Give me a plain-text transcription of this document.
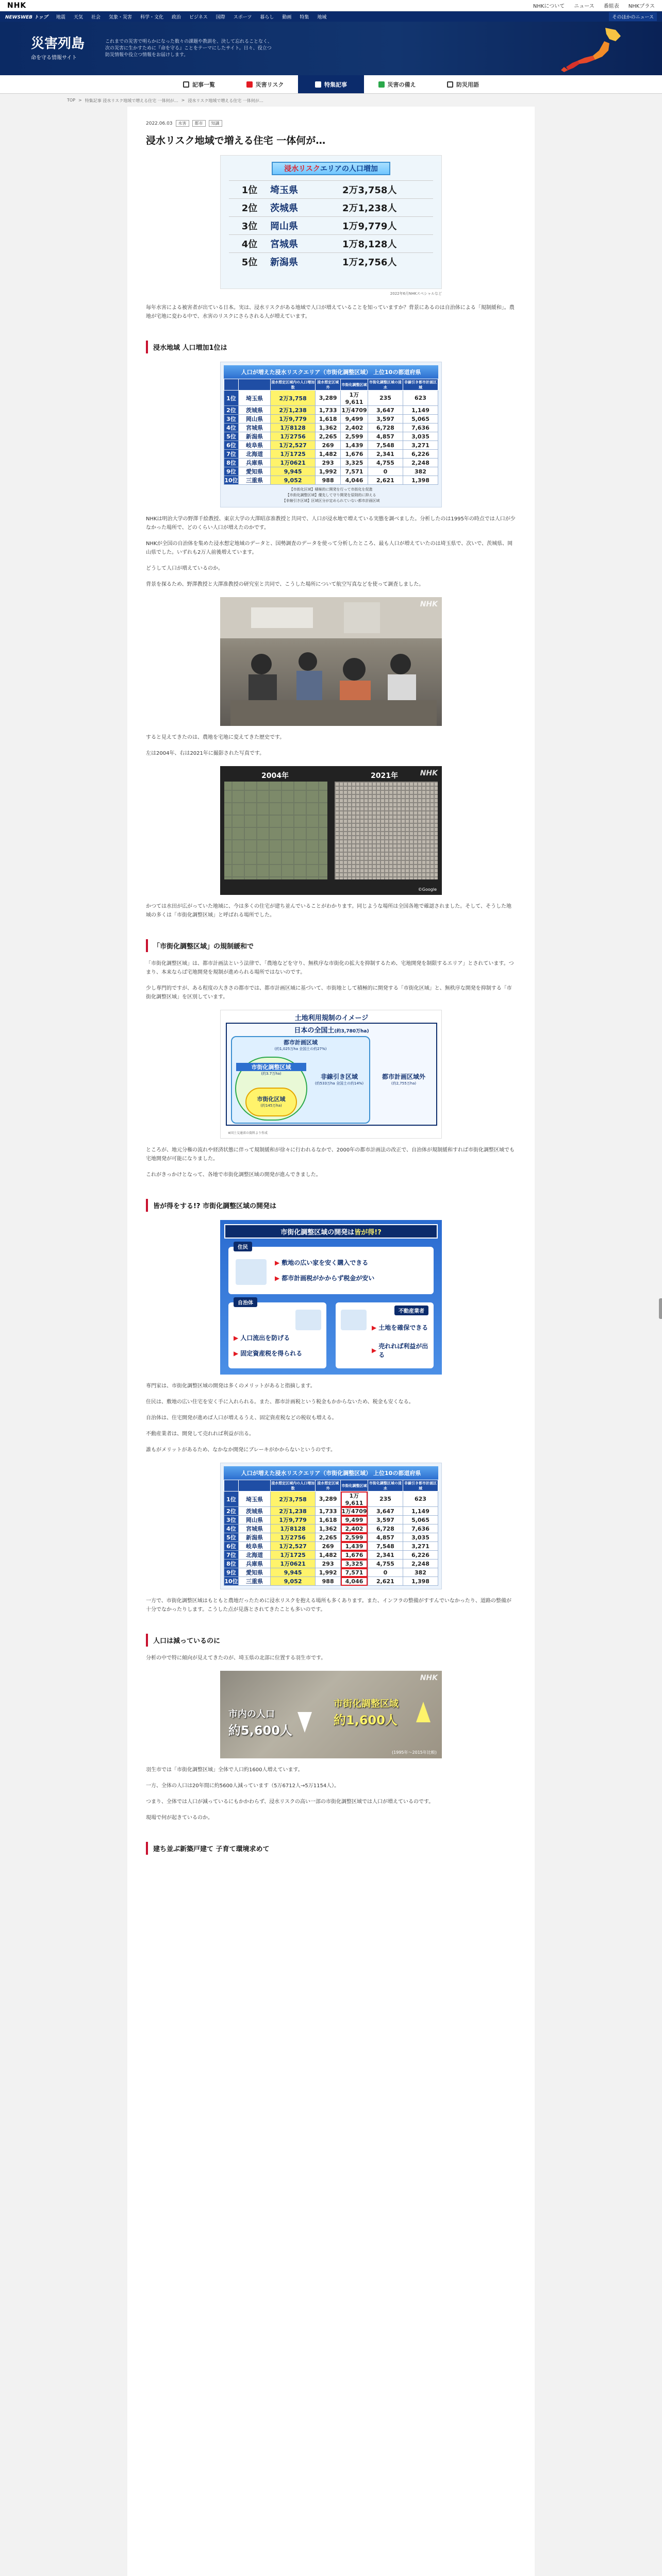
NHK	NHKについて ニュース 番組表 NHKプラス
NEWSWEB トップ 地震 天気 社会 気象・災害 科学・文化 政治 ビジネス 国際 スポーツ 暮らし 動画 特集 地域	そのほかのニュース
災害列島
命を守る情報サイト
これまでの災害で明らかになった数々の課題や教訓を、決して忘れることなく、次の災害に生かすために『命を守る』ことをテーマにしたサイト。日々、役立つ防災情報や役立つ情報をお届けします。
記事一覧	災害リスク	特集記事	災害の備え	防災用語
TOP > 特集記事 浸水リスク地域で増える住宅 一体何が… > 浸水リスク地域で増える住宅 一体何が…
2022.06.03	水害	都市	知識
浸水リスク地域で増える住宅 一体何が…
浸水リスク エリアの人口増加
1位	埼玉県	2万3,758人
2位	茨城県	2万1,238人
3位	岡山県	1万9,779人
4位	宮城県	1万8,128人
5位	新潟県	1万2,756人
2022年6月NHKスペシャルなど

毎年水害による被害者が出ている日本。実は、浸水リスクがある地域で人口が増えていることを知っていますか？背景にあるのは自治体による「規制緩和」。農地が宅地に変わる中で、水害のリスクにさらされる人が増えています。

浸水地域 人口増加1位は
人口が増えた浸水リスクエリア（市街化調整区域） 上位10の都道府県
		浸水想定区域内の人口増加数	浸水想定区域外	市街化調整区域	市街化調整区域の浸水	非線引き都市計画区域
1位	埼玉県	2万3,758	3,289	1万9,611	235	623
2位	茨城県	2万1,238	1,733	1万4709	3,647	1,149
3位	岡山県	1万9,779	1,618	9,499	3,597	5,065
4位	宮城県	1万8128	1,362	2,402	6,728	7,636
5位	新潟県	1万2756	2,265	2,599	4,857	3,035
6位	岐阜県	1万2,527	269	1,439	7,548	3,271
7位	北海道	1万1725	1,482	1,676	2,341	6,226
8位	兵庫県	1万0621	293	3,325	4,755	2,248
9位	愛知県	9,945	1,992	7,571	0	382
10位	三重県	9,052	988	4,046	2,621	1,398
【市街化区域】積極的に開発を行って市街化を促進
【市街化調整区域】優先して守り開発を原則的に抑える
【非線引き区域】区域区分が定められていない都市計画区域

NHKは明治大学の野澤千絵教授、東京大学の大澤昭彦准教授と共同で、人口が浸水地で増えている実態を調べました。分析したのは1995年の時点では人口が少なかった場所で、どのくらい人口が増えたのかです。

NHKが全国の自治体を集めた浸水想定地域のデータと、国勢調査のデータを使って分析したところ、最も人口が増えていたのは埼玉県で、次いで、茨城県、岡山県でした。いずれも2万人前後増えています。

どうして人口が増えているのか。

背景を探るため、野澤教授と大澤准教授の研究室と共同で、こうした場所について航空写真などを使って調査しました。

NHK

すると見えてきたのは、農地を宅地に変えてきた歴史です。

左は2004年、右は2021年に撮影された写真です。

2004年	2021年
©Google
NHK

かつては水田が広がっていた地域に、今は多くの住宅が建ち並んでいることがわかります。同じような場所は全国各地で確認されました。そして、そうした地域の多くは「市街化調整区域」と呼ばれる場所でした。

「市街化調整区域」の規制緩和で

「市街化調整区域」は、都市計画法という法律で、「農地などを守り、無秩序な市街化の拡大を抑制するため、宅地開発を制限するエリア」とされています。つまり、本来ならば宅地開発を規制が進められる場所ではないのです。

少し専門的ですが、ある程度の大きさの都市では、都市計画区域に基づいて、市街地として積極的に開発する「市街化区域」と、無秩序な開発を抑制する「市街化調整区域」を区別しています。

土地利用規制のイメージ
日本の全国土(約3,780万ha)
都市計画区域
(約1,025万ha 全国土の約27%)
市街化調整区域
(約3.7万ha)
市街化区域
(約145万ha)
非線引き区域
(約533万ha 全国土の約14%)
都市計画区域外
(約2,755万ha)
※国土交通省の資料より作成

ところが、地元分権の流れや経済状態に伴って規制緩和が徐々に行われるなかで、2000年の都市計画法の改正で、自治体が規制緩和すれば市街化調整区域でも宅地開発が可能になりました。

これがきっかけとなって、各地で市街化調整区域の開発が進んできました。

皆が得をする!? 市街化調整区域の開発は
市街化調整区域の開発は 皆が得!?
住民
▶ 敷地の広い家を安く購入できる
▶ 都市計画税がかからず税金が安い
自治体
▶ 人口流出を防げる
▶ 固定資産税を得られる
不動産業者
▶ 土地を確保できる
▶
売れれば利益が出る

専門家は、市街化調整区域の開発は多くのメリットがあると指摘します。

住民は、敷地の広い住宅を安く手に入れられる。また、都市計画税という税金もかからないため、税金も安くなる。

自治体は、住宅開発が進めば人口が増えるうえ、固定資産税などの税収も増える。

不動産業者は、開発して売れれば利益が出る。

誰もがメリットがあるため、なかなか開発にブレーキがかからないというのです。

人口が増えた浸水リスクエリア（市街化調整区域） 上位10の都道府県
		浸水想定区域内の人口増加数	浸水想定区域外	市街化調整区域	市街化調整区域の浸水	非線引き都市計画区域
1位	埼玉県	2万3,758	3,289	1万9,611	235	623
2位	茨城県	2万1,238	1,733	1万4709	3,647	1,149
3位	岡山県	1万9,779	1,618	9,499	3,597	5,065
4位	宮城県	1万8128	1,362	2,402	6,728	7,636
5位	新潟県	1万2756	2,265	2,599	4,857	3,035
6位	岐阜県	1万2,527	269	1,439	7,548	3,271
7位	北海道	1万1725	1,482	1,676	2,341	6,226
8位	兵庫県	1万0621	293	3,325	4,755	2,248
9位	愛知県	9,945	1,992	7,571	0	382
10位	三重県	9,052	988	4,046	2,621	1,398

一方で、市街化調整区域はもともと農地だったために浸水リスクを抱える場所も多くあります。また、インフラの整備がすすんでいなかったり、道路の整備が十分でなかったりします。こうした点が見落とされてきたことも多いのです。

人口は減っているのに

分析の中で特に傾向が見えてきたのが、埼玉県の北部に位置する羽生市です。

市内の人口
約5,600人
市街化調整区域
約1,600人
(1995年〜2015年比較)
NHK

羽生市では「市街化調整区域」全体で人口約1600人増えています。

一方、全体の人口は20年間に約5600人減っています（5万6712人→5万1154人）。

つまり、全体では人口が減っているにもかかわらず、浸水リスクの高い一部の市街化調整区域では人口が増えているのです。

現場で何が起きているのか。

建ち並ぶ新築戸建て 子育て環境求めて
